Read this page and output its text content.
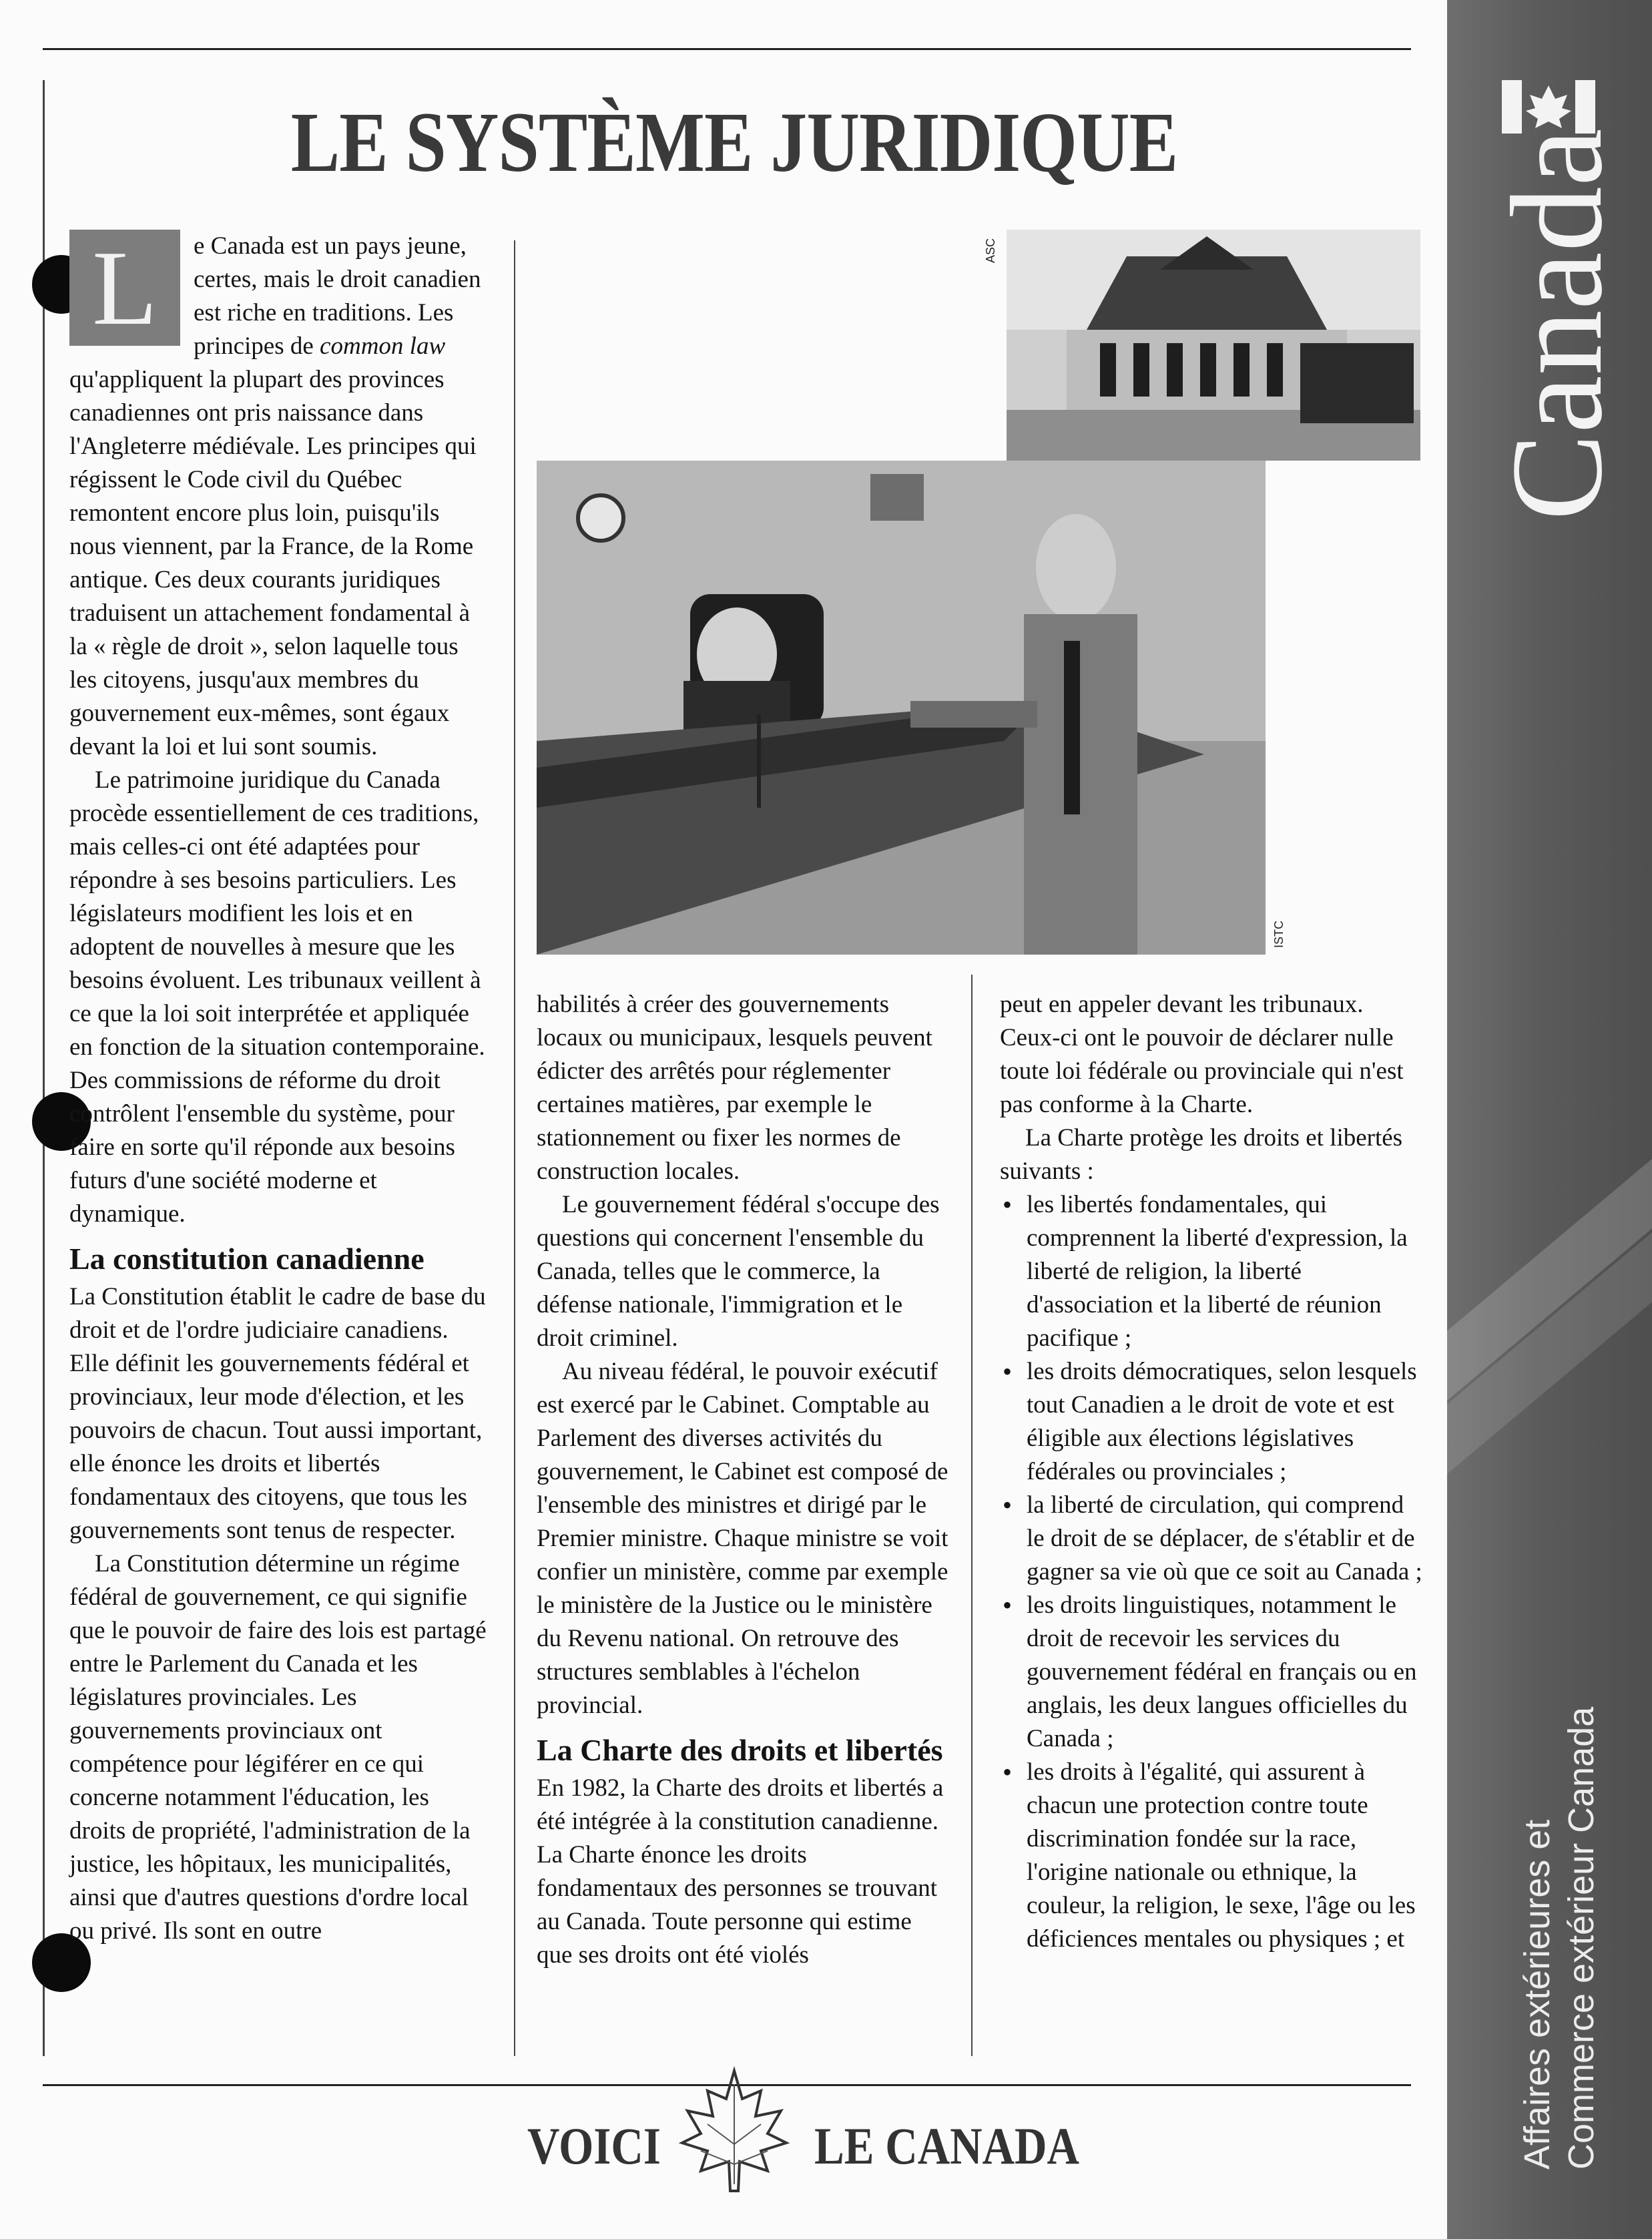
LE SYSTÈME JURIDIQUE

L	e Canada est un pays jeune, certes, mais le droit canadien est riche en traditions. Les principes de common law qu'appliquent la plupart des provinces canadiennes ont pris naissance dans l'Angleterre médiévale. Les principes qui régissent le Code civil du Québec remontent encore plus loin, puisqu'ils nous viennent, par la France, de la Rome antique. Ces deux courants juridiques traduisent un attachement fondamental à la « règle de droit », selon laquelle tous les citoyens, jusqu'aux membres du gouvernement eux-mêmes, sont égaux devant la loi et lui sont soumis.

Le patrimoine juridique du Canada procède essentiellement de ces traditions, mais celles-ci ont été adaptées pour répondre à ses besoins particuliers. Les législateurs modifient les lois et en adoptent de nouvelles à mesure que les besoins évoluent. Les tribunaux veillent à ce que la loi soit interprétée et appliquée en fonction de la situation contemporaine. Des commissions de réforme du droit contrôlent l'ensemble du système, pour faire en sorte qu'il réponde aux besoins futurs d'une société moderne et dynamique.

La constitution canadienne

La Constitution établit le cadre de base du droit et de l'ordre judiciaire canadiens. Elle définit les gouvernements fédéral et provinciaux, leur mode d'élection, et les pouvoirs de chacun. Tout aussi important, elle énonce les droits et libertés fondamentaux des citoyens, que tous les gouvernements sont tenus de respecter.

La Constitution détermine un régime fédéral de gouvernement, ce qui signifie que le pouvoir de faire des lois est partagé entre le Parlement du Canada et les législatures provinciales. Les gouvernements provinciaux ont compétence pour légiférer en ce qui concerne notamment l'éducation, les droits de propriété, l'administration de la justice, les hôpitaux, les municipalités, ainsi que d'autres questions d'ordre local ou privé. Ils sont en outre

ASC
ISTC

habilités à créer des gouvernements locaux ou municipaux, lesquels peuvent édicter des arrêtés pour réglementer certaines matières, par exemple le stationnement ou fixer les normes de construction locales.

Le gouvernement fédéral s'occupe des questions qui concernent l'ensemble du Canada, telles que le commerce, la défense nationale, l'immigration et le droit criminel.

Au niveau fédéral, le pouvoir exécutif est exercé par le Cabinet. Comptable au Parlement des diverses activités du gouvernement, le Cabinet est composé de l'ensemble des ministres et dirigé par le Premier ministre. Chaque ministre se voit confier un ministère, comme par exemple le ministère de la Justice ou le ministère du Revenu national. On retrouve des structures semblables à l'échelon provincial.

La Charte des droits et libertés

En 1982, la Charte des droits et libertés a été intégrée à la constitution canadienne. La Charte énonce les droits fondamentaux des personnes se trouvant au Canada. Toute personne qui estime que ses droits ont été violés

peut en appeler devant les tribunaux. Ceux-ci ont le pouvoir de déclarer nulle toute loi fédérale ou provinciale qui n'est pas conforme à la Charte.

La Charte protège les droits et libertés suivants :

• les libertés fondamentales, qui comprennent la liberté d'expression, la liberté de religion, la liberté d'association et la liberté de réunion pacifique ;
• les droits démocratiques, selon lesquels tout Canadien a le droit de vote et est éligible aux élections législatives fédérales ou provinciales ;
• la liberté de circulation, qui comprend le droit de se déplacer, de s'établir et de gagner sa vie où que ce soit au Canada ;
• les droits linguistiques, notamment le droit de recevoir les services du gouvernement fédéral en français ou en anglais, les deux langues officielles du Canada ;
• les droits à l'égalité, qui assurent à chacun une protection contre toute discrimination fondée sur la race, l'origine nationale ou ethnique, la couleur, la religion, le sexe, l'âge ou les déficiences mentales ou physiques ; et
Canada
Affaires extérieures et Commerce extérieur Canada
VOICI	LE CANADA
